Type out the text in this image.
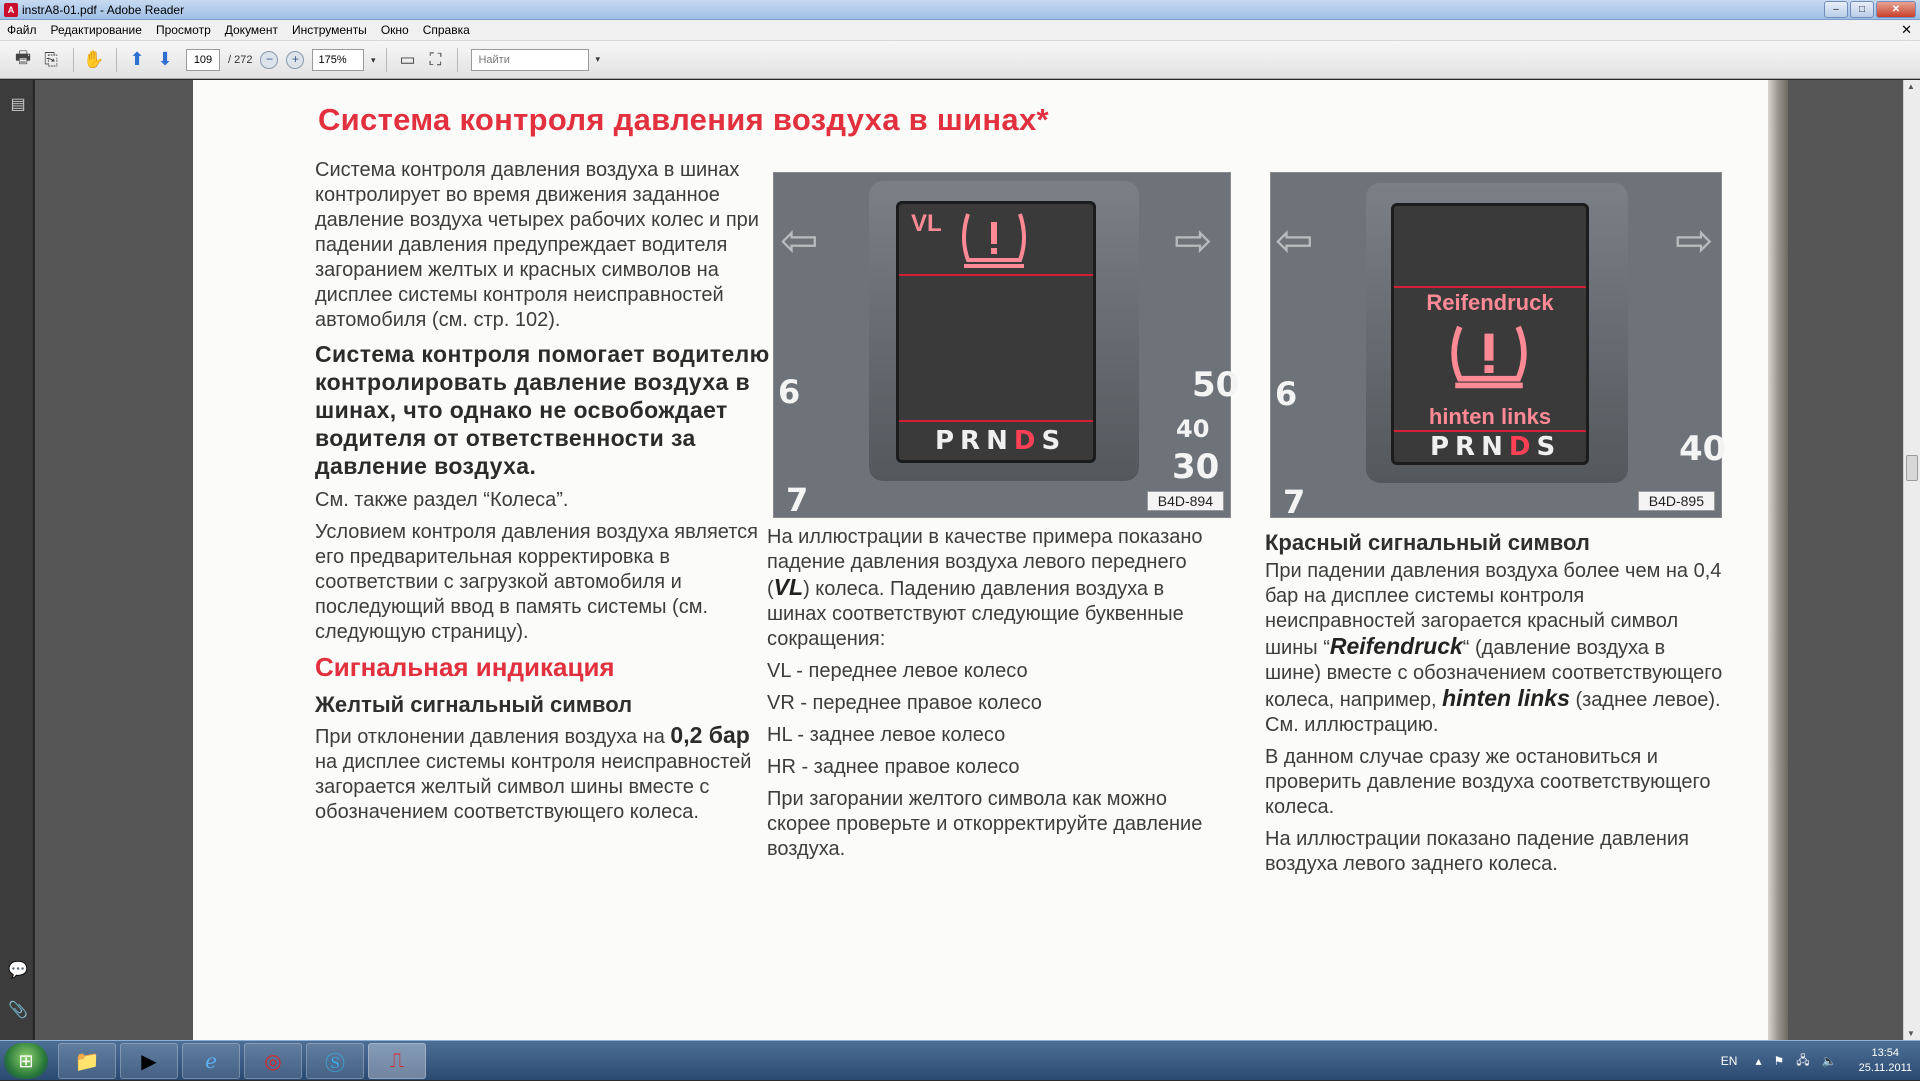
A instrA8-01.pdf - Adobe Reader	–	□	✕
Файл	Редактирование	Просмотр	Документ	Инструменты	Окно	Справка	✕
🖶 ⎘	✋	⬆ ⬇	109	/ 272	−	+	175%	▾ ▭ ⛶	Найти	▾
▤
💬
📎
Система контроля давления воздуха в шинах*

Система контроля давления воздуха в шинах контролирует во время движения заданное давление воздуха четырех рабочих колес и при падении давления предупреждает водителя загоранием желтых и красных символов на дисплее системы контроля неисправностей автомобиля (см. стр. 102).

Система контроля помогает водителю контролировать давление воздуха в шинах, что однако не освобождает водителя от ответственности за давление воздуха.

См. также раздел “Колеса”.

Условием контроля давления воздуха является его предварительная корректировка в соответствии с загрузкой автомобиля и последующий ввод в память системы (см. следующую страницу).

Сигнальная индикация
Желтый сигнальный символ

При отклонении давления воздуха на 0,2 бар на дисплее системы контроля неисправностей загорается желтый символ шины вместе с обозначением соответствующего колеса.

VL
PRNDS
⇦	⇨
6
7
50
40
30
B4D-894
Reifendruck
hinten links
PRNDS
⇦	⇨
6
7
40
B4D-895

На иллюстрации в качестве примера показано падение давления воздуха левого переднего (VL) колеса. Падению давления воздуха в шинах соответствуют следующие буквенные сокращения:

VL - переднее левое колесо

VR - переднее правое колесо

HL - заднее левое колесо

HR - заднее правое колесо

При загорании желтого символа как можно скорее проверьте и откорректируйте давление воздуха.

Красный сигнальный символ

При падении давления воздуха более чем на 0,4 бар на дисплее системы контроля неисправностей загорается красный символ шины “Reifendruck“ (давление воздуха в шине) вместе с обозначением соответствующего колеса, например, hinten links (заднее левое). См. иллюстрацию.

В данном случае сразу же остановиться и проверить давление воздуха соответствующего колеса.

На иллюстрации показано падение давления воздуха левого заднего колеса.

▲
▼
⊞	📁	▶	ℯ	◎	Ⓢ	⎍	EN ▴ ⚑ 🖧 🔈
13:54
25.11.2011
